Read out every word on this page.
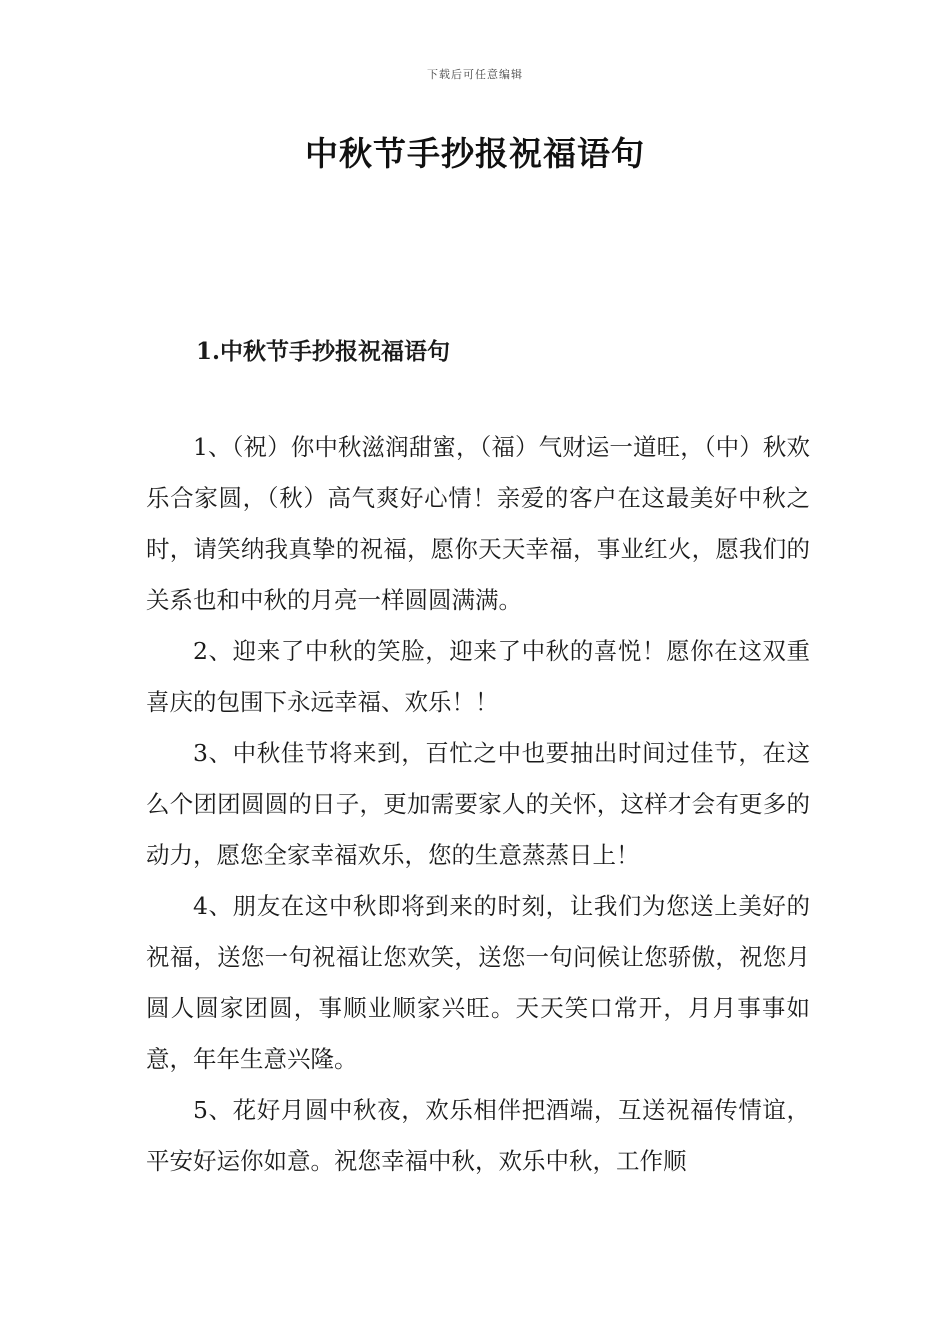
下载后可任意编辑
中秋节手抄报祝福语句
1.中秋节手抄报祝福语句

1、（祝）你中秋滋润甜蜜，（福）气财运一道旺，（中）秋欢乐合家圆，（秋）高气爽好心情！亲爱的客户在这最美好中秋之时，请笑纳我真挚的祝福，愿你天天幸福，事业红火，愿我们的关系也和中秋的月亮一样圆圆满满。

2、迎来了中秋的笑脸，迎来了中秋的喜悦！愿你在这双重喜庆的包围下永远幸福、欢乐！！

3、中秋佳节将来到，百忙之中也要抽出时间过佳节，在这么个团团圆圆的日子，更加需要家人的关怀，这样才会有更多的动力，愿您全家幸福欢乐，您的生意蒸蒸日上！

4、朋友在这中秋即将到来的时刻，让我们为您送上美好的祝福，送您一句祝福让您欢笑，送您一句问候让您骄傲，祝您月圆人圆家团圆，事顺业顺家兴旺。天天笑口常开，月月事事如意，年年生意兴隆。

5、花好月圆中秋夜，欢乐相伴把酒端，互送祝福传情谊，平安好运你如意。祝您幸福中秋，欢乐中秋，工作顺
